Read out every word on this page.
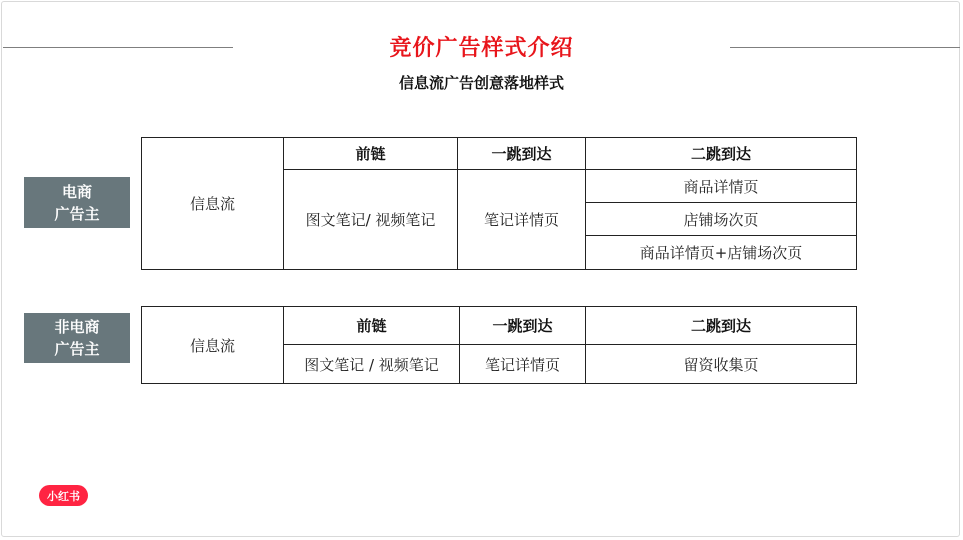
竞价广告样式介绍
信息流广告创意落地样式
电商
广告主
信息流	前链	一跳到达	二跳到达
	图文笔记/ 视频笔记	笔记详情页	商品详情页
			店铺场次页
			商品详情页+店铺场次页
非电商
广告主	信息流	前链	一跳到达	二跳到达
	图文笔记 / 视频笔记	笔记详情页	留资收集页
小红书
